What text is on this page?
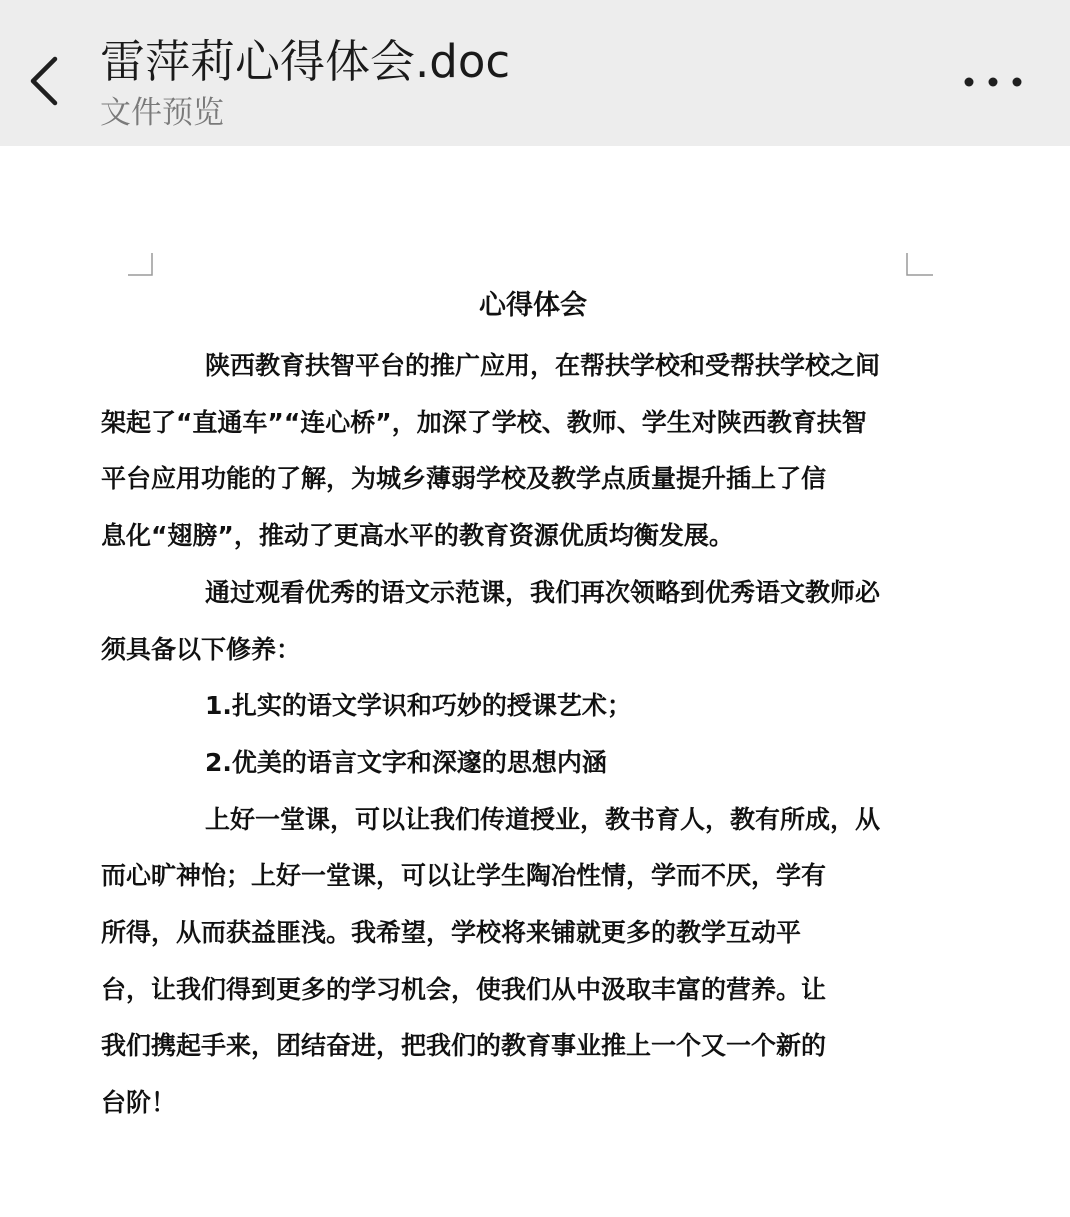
雷萍莉心得体会.doc
文件预览
心得体会
陕西教育扶智平台的推广应用，在帮扶学校和受帮扶学校之间
架起了“直通车”“连心桥”，加深了学校、教师、学生对陕西教育扶智
平台应用功能的了解，为城乡薄弱学校及教学点质量提升插上了信
息化“翅膀”，推动了更高水平的教育资源优质均衡发展。
通过观看优秀的语文示范课，我们再次领略到优秀语文教师必
须具备以下修养：
1.扎实的语文学识和巧妙的授课艺术；
2.优美的语言文字和深邃的思想内涵
上好一堂课，可以让我们传道授业，教书育人，教有所成，从
而心旷神怡；上好一堂课，可以让学生陶冶性情，学而不厌，学有
所得，从而获益匪浅。我希望，学校将来铺就更多的教学互动平
台，让我们得到更多的学习机会，使我们从中汲取丰富的营养。让
我们携起手来，团结奋进，把我们的教育事业推上一个又一个新的
台阶！
